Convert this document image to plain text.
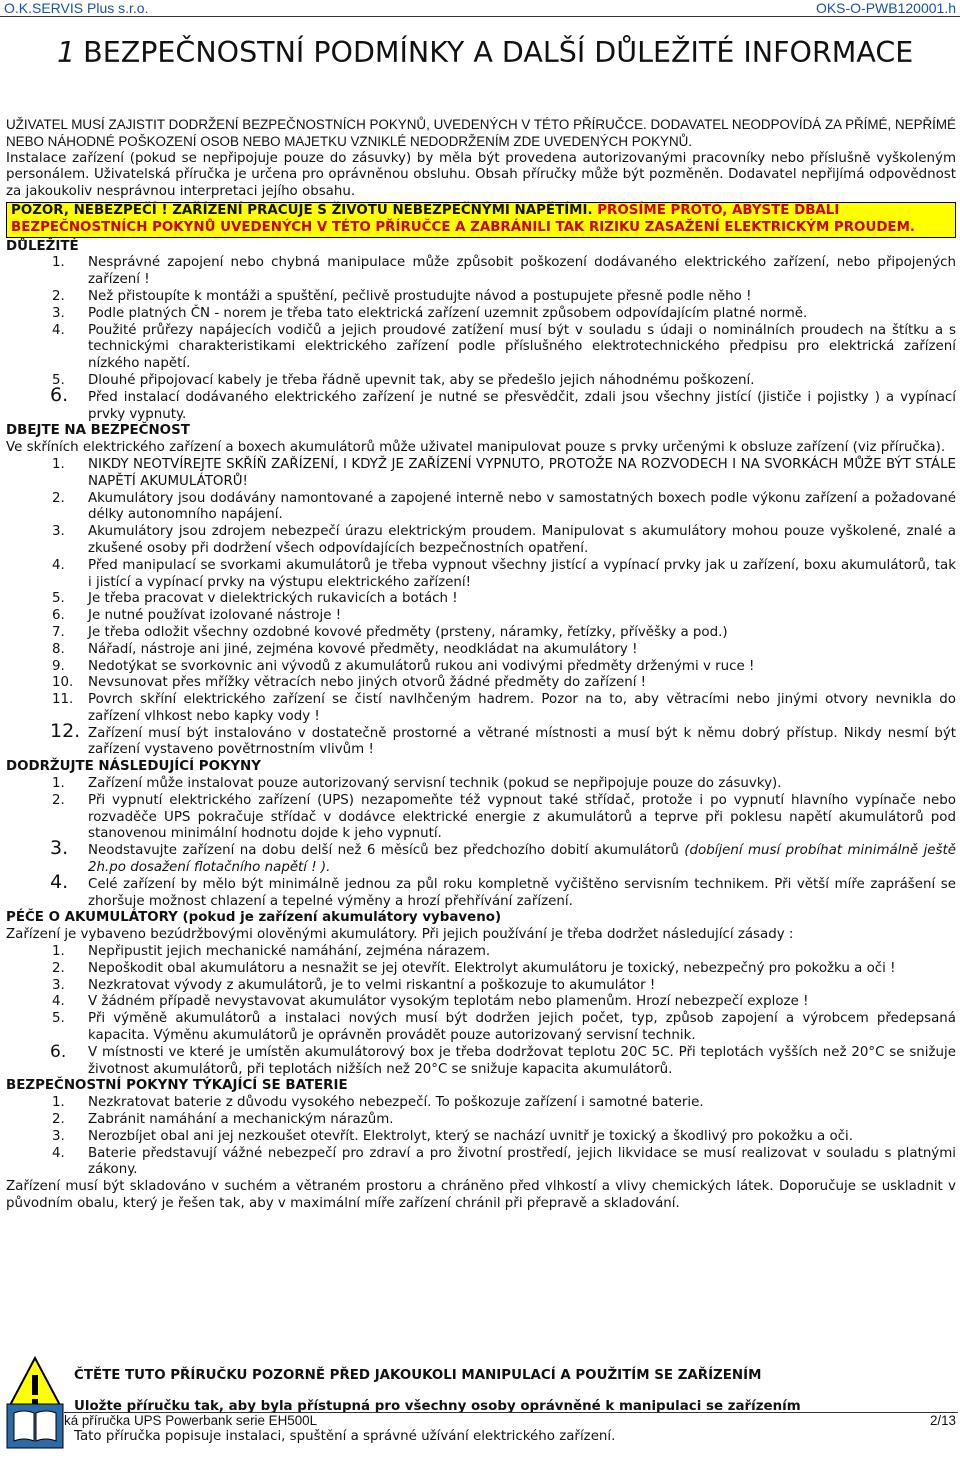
O.K.SERVIS Plus s.r.o.	OKS-O-PWB120001.h
1 BEZPEČNOSTNÍ PODMÍNKY A DALŠÍ DŮLEŽITÉ INFORMACE

UŽIVATEL MUSÍ ZAJISTIT DODRŽENÍ BEZPEČNOSTNÍCH POKYNŮ, UVEDENÝCH V TÉTO PŘÍRUČCE. DODAVATEL NEODPOVÍDÁ ZA PŘÍMÉ, NEPŘÍMÉ NEBO NÁHODNÉ POŠKOZENÍ OSOB NEBO MAJETKU VZNIKLÉ NEDODRŽENÍM ZDE UVEDENÝCH POKYNŮ.

Instalace zařízení (pokud se nepřipojuje pouze do zásuvky) by měla být provedena autorizovanými pracovníky nebo příslušně vyškoleným personálem. Uživatelská příručka je určena pro oprávněnou obsluhu. Obsah příručky může být pozměněn. Dodavatel nepřijímá odpovědnost za jakoukoliv nesprávnou interpretaci jejího obsahu.

POZOR, NEBEZPEČÍ ! ZAŘÍZENÍ PRACUJE S ŽIVOTU NEBEZPEČNÝMI NAPĚTÍMI. PROSÍME PROTO, ABYSTE DBALI BEZPEČNOSTNÍCH POKYNŮ UVEDENÝCH V TÉTO PŘÍRUČCE A ZABRÁNILI TAK RIZIKU ZASAŽENÍ ELEKTRICKÝM PROUDEM.

DŮLEŽITÉ

1.	Nesprávné zapojení nebo chybná manipulace může způsobit poškození dodávaného elektrického zařízení, nebo připojených zařízení !
2.	Než přistoupíte k montáži a spuštění, pečlivě prostudujte návod a postupujete přesně podle něho !
3.	Podle platných ČN - norem je třeba tato elektrická zařízení uzemnit způsobem odpovídajícím platné normě.
4.	Použité průřezy napájecích vodičů a jejich proudové zatížení musí být v souladu s údaji o nominálních proudech na štítku a s technickými charakteristikami elektrického zařízení podle příslušného elektrotechnického předpisu pro elektrická zařízení nízkého napětí.
5.	Dlouhé připojovací kabely je třeba řádně upevnit tak, aby se předešlo jejich náhodnému poškození.
6.	Před instalací dodávaného elektrického zařízení je nutné se přesvědčit, zdali jsou všechny jistící (jističe i pojistky ) a vypínací prvky vypnuty.

DBEJTE NA BEZPEČNOST

Ve skříních elektrického zařízení a boxech akumulátorů může uživatel manipulovat pouze s prvky určenými k obsluze zařízení (viz příručka).

1.	NIKDY NEOTVÍREJTE SKŘÍŇ ZAŘÍZENÍ, I KDYŽ JE ZAŘÍZENÍ VYPNUTO, PROTOŽE NA ROZVODECH I NA SVORKÁCH MŮŽE BÝT STÁLE NAPĚTÍ AKUMULÁTORŮ!
2.	Akumulátory jsou dodávány namontované a zapojené interně nebo v samostatných boxech podle výkonu zařízení a požadované délky autonomního napájení.
3.	Akumulátory jsou zdrojem nebezpečí úrazu elektrickým proudem. Manipulovat s akumulátory mohou pouze vyškolené, znalé a zkušené osoby při dodržení všech odpovídajících bezpečnostních opatření.
4.	Před manipulací se svorkami akumulátorů je třeba vypnout všechny jistící a vypínací prvky jak u zařízení, boxu akumulátorů, tak i jistící a vypínací prvky na výstupu elektrického zařízení!
5.	Je třeba pracovat v dielektrických rukavicích a botách !
6.	Je nutné používat izolované nástroje !
7.	Je třeba odložit všechny ozdobné kovové předměty (prsteny, náramky, řetízky, přívěšky a pod.)
8.	Nářadí, nástroje ani jiné, zejména kovové předměty, neodkládat na akumulátory !
9.	Nedotýkat se svorkovnic ani vývodů z akumulátorů rukou ani vodivými předměty drženými v ruce !
10.	Nevsunovat přes mřížky větracích nebo jiných otvorů žádné předměty do zařízení !
11.	Povrch skříní elektrického zařízení se čistí navlhčeným hadrem. Pozor na to, aby větracími nebo jinými otvory nevnikla do zařízení vlhkost nebo kapky vody !
12. Zařízení musí být instalováno v dostatečně prostorné a větrané místnosti a musí být k němu dobrý přístup. Nikdy nesmí být zařízení vystaveno povětrnostním vlivům !

DODRŽUJTE NÁSLEDUJÍCÍ POKYNY

1.	Zařízení může instalovat pouze autorizovaný servisní technik (pokud se nepřipojuje pouze do zásuvky).
2.	Při vypnutí elektrického zařízení (UPS) nezapomeňte též vypnout také střídač, protože i po vypnutí hlavního vypínače nebo rozvaděče UPS pokračuje střídač v dodávce elektrické energie z akumulátorů a teprve při poklesu napětí akumulátorů pod stanovenou minimální hodnotu dojde k jeho vypnutí.
3.	Neodstavujte zařízení na dobu delší než 6 měsíců bez předchozího dobití akumulátorů (dobíjení musí probíhat minimálně ještě 2h.po dosažení flotačního napětí ! ).
4.	Celé zařízení by mělo být minimálně jednou za půl roku kompletně vyčištěno servisním technikem. Při větší míře zaprášení se zhoršuje možnost chlazení a tepelné výměny a hrozí přehřívání zařízení.

PÉČE O AKUMULÁTORY (pokud je zařízení akumulátory vybaveno)

Zařízení je vybaveno bezúdržbovými olověnými akumulátory. Při jejich používání je třeba dodržet následující zásady :

1.	Nepřipustit jejich mechanické namáhání, zejména nárazem.
2.	Nepoškodit obal akumulátoru a nesnažit se jej otevřít. Elektrolyt akumulátoru je toxický, nebezpečný pro pokožku a oči !
3.	Nezkratovat vývody z akumulátorů, je to velmi riskantní a poškozuje to akumulátor !
4.	V žádném případě nevystavovat akumulátor vysokým teplotám nebo plamenům. Hrozí nebezpečí exploze !
5.	Při výměně akumulátorů a instalaci nových musí být dodržen jejich počet, typ, způsob zapojení a výrobcem předepsaná kapacita. Výměnu akumulátorů je oprávněn provádět pouze autorizovaný servisní technik.
6.	V místnosti ve které je umístěn akumulátorový box je třeba dodržovat teplotu 20C 5C. Při teplotách vyšších než 20°C se snižuje životnost akumulátorů, při teplotách nižších než 20°C se snižuje kapacita akumulátorů.

BEZPEČNOSTNÍ POKYNY TÝKAJÍCÍ SE BATERIE

1.	Nezkratovat baterie z důvodu vysokého nebezpečí. To poškozuje zařízení i samotné baterie.
2.	Zabránit namáhání a mechanickým nárazům.
3.	Nerozbíjet obal ani jej nezkoušet otevřít. Elektrolyt, který se nachází uvnitř je toxický a škodlivý pro pokožku a oči.
4.	Baterie představují vážné nebezpečí pro zdraví a pro životní prostředí, jejich likvidace se musí realizovat v souladu s platnými zákony.

Zařízení musí být skladováno v suchém a větraném prostoru a chráněno před vlhkostí a vlivy chemických látek. Doporučuje se uskladnit v původním obalu, který je řešen tak, aby v maximální míře zařízení chránil při přepravě a skladování.

ČTĚTE TUTO PŘÍRUČKU POZORNĚ PŘED JAKOUKOLI MANIPULACÍ A POUŽITÍM SE ZAŘÍZENÍM

Uložte příručku tak, aby byla přístupná pro všechny osoby oprávněné k manipulaci se zařízením

Tato příručka popisuje instalaci, spuštění a správné užívání elektrického zařízení.

ká příručka UPS Powerbank serie EH500L	2/13
